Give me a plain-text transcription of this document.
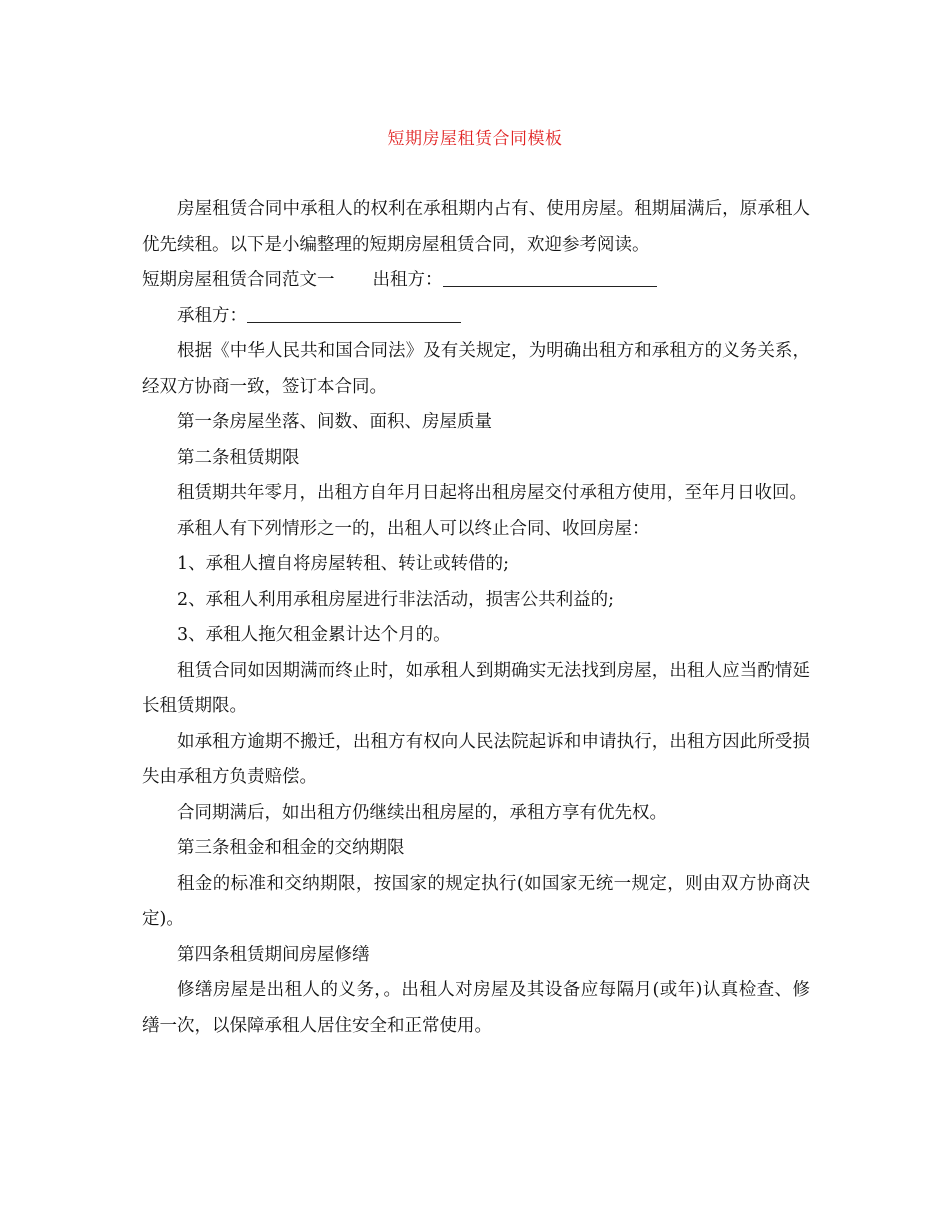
短期房屋租赁合同模板

房屋租赁合同中承租人的权利在承租期内占有、使用房屋。租期届满后，原承租人优先续租。以下是小编整理的短期房屋租赁合同，欢迎参考阅读。

短期房屋租赁合同范文一 出租方：

承租方：

根据《中华人民共和国合同法》及有关规定，为明确出租方和承租方的义务关系，经双方协商一致，签订本合同。

第一条房屋坐落、间数、面积、房屋质量

第二条租赁期限

租赁期共年零月，出租方自年月日起将出租房屋交付承租方使用，至年月日收回。

承租人有下列情形之一的，出租人可以终止合同、收回房屋：

1、承租人擅自将房屋转租、转让或转借的;

2、承租人利用承租房屋进行非法活动，损害公共利益的;

3、承租人拖欠租金累计达个月的。

租赁合同如因期满而终止时，如承租人到期确实无法找到房屋，出租人应当酌情延长租赁期限。

如承租方逾期不搬迁，出租方有权向人民法院起诉和申请执行，出租方因此所受损失由承租方负责赔偿。

合同期满后，如出租方仍继续出租房屋的，承租方享有优先权。

第三条租金和租金的交纳期限

租金的标准和交纳期限，按国家的规定执行(如国家无统一规定，则由双方协商决定)。

第四条租赁期间房屋修缮

修缮房屋是出租人的义务，。出租人对房屋及其设备应每隔月(或年)认真检查、修缮一次，以保障承租人居住安全和正常使用。
